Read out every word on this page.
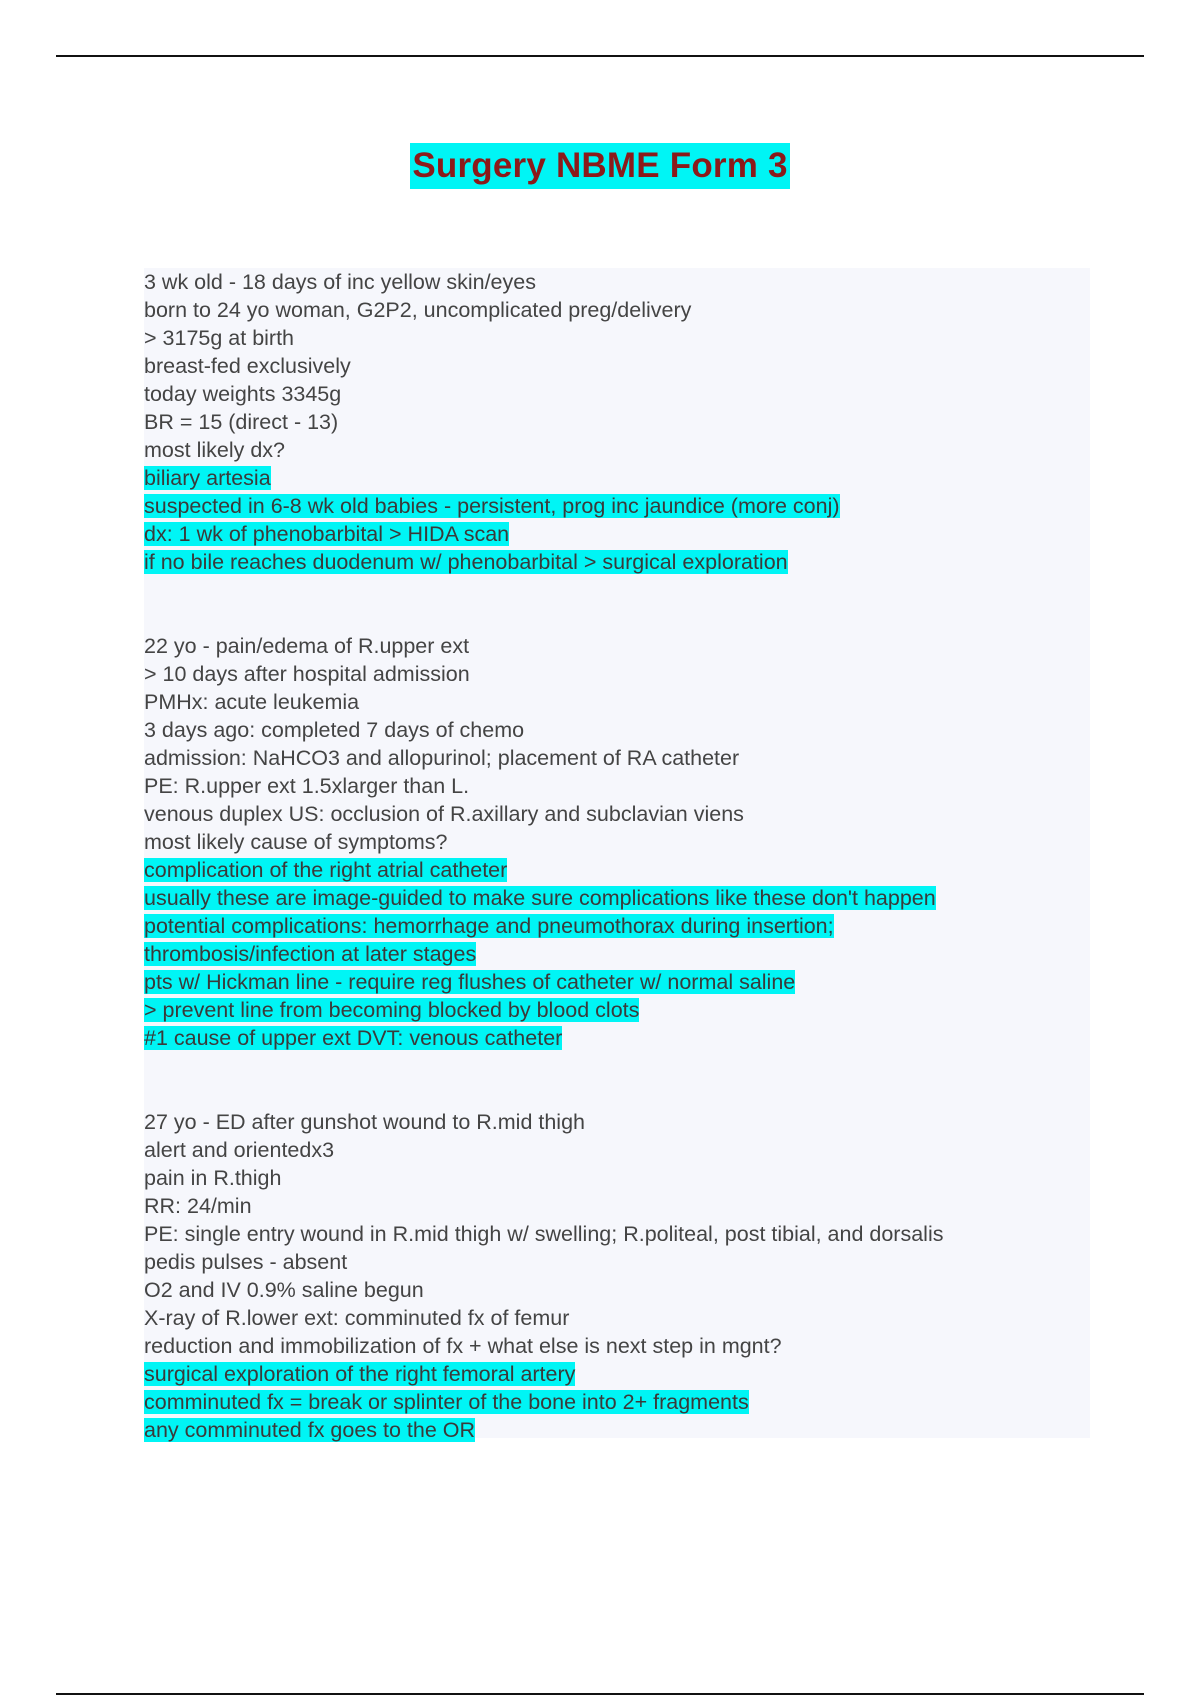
Surgery NBME Form 3
3 wk old - 18 days of inc yellow skin/eyes
born to 24 yo woman, G2P2, uncomplicated preg/delivery
> 3175g at birth
breast-fed exclusively
today weights 3345g
BR = 15 (direct - 13)
most likely dx?
biliary artesia
suspected in 6-8 wk old babies - persistent, prog inc jaundice (more conj)
dx: 1 wk of phenobarbital > HIDA scan
if no bile reaches duodenum w/ phenobarbital > surgical exploration
22 yo - pain/edema of R.upper ext
> 10 days after hospital admission
PMHx: acute leukemia
3 days ago: completed 7 days of chemo
admission: NaHCO3 and allopurinol; placement of RA catheter
PE: R.upper ext 1.5xlarger than L.
venous duplex US: occlusion of R.axillary and subclavian viens
most likely cause of symptoms?
complication of the right atrial catheter
usually these are image-guided to make sure complications like these don't happen
potential complications: hemorrhage and pneumothorax during insertion;
thrombosis/infection at later stages
pts w/ Hickman line - require reg flushes of catheter w/ normal saline
> prevent line from becoming blocked by blood clots
#1 cause of upper ext DVT: venous catheter
27 yo - ED after gunshot wound to R.mid thigh
alert and orientedx3
pain in R.thigh
RR: 24/min
PE: single entry wound in R.mid thigh w/ swelling; R.politeal, post tibial, and dorsalis
pedis pulses - absent
O2 and IV 0.9% saline begun
X-ray of R.lower ext: comminuted fx of femur
reduction and immobilization of fx + what else is next step in mgnt?
surgical exploration of the right femoral artery
comminuted fx = break or splinter of the bone into 2+ fragments
any comminuted fx goes to the OR
